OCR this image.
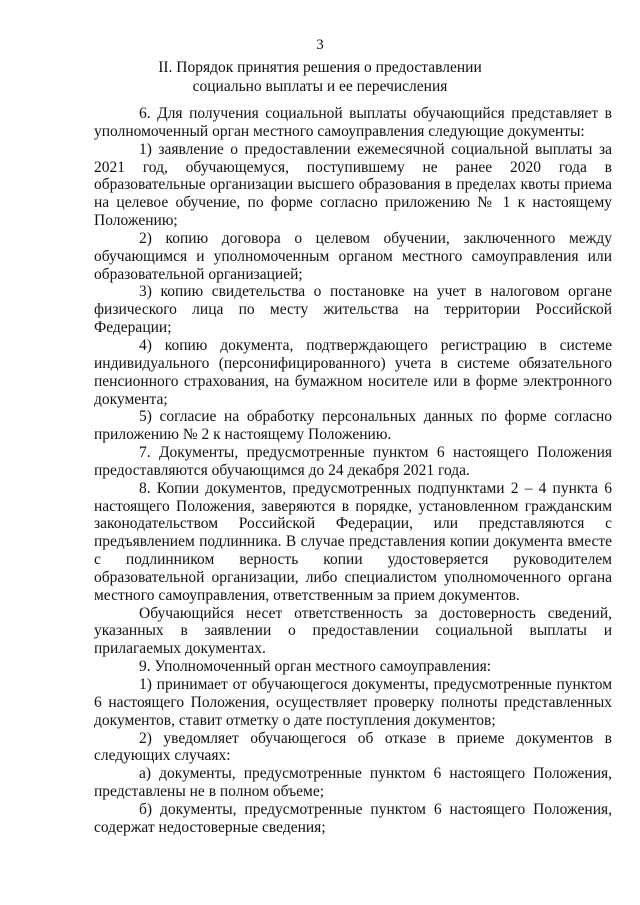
3
II. Порядок принятия решения о предоставлении
социально выплаты и ее перечисления

6. Для получения социальной выплаты обучающийся представляет в уполномоченный орган местного самоуправления следующие документы:

1) заявление о предоставлении ежемесячной социальной выплаты за 2021 год, обучающемуся, поступившему не ранее 2020 года в образовательные организации высшего образования в пределах квоты приема на целевое обучение, по форме согласно приложению № 1 к настоящему Положению;

2) копию договора о целевом обучении, заключенного между обучающимся и уполномоченным органом местного самоуправления или образовательной организацией;

3) копию свидетельства о постановке на учет в налоговом органе физического лица по месту жительства на территории Российской Федерации;

4) копию документа, подтверждающего регистрацию в системе индивидуального (персонифицированного) учета в системе обязательного пенсионного страхования, на бумажном носителе или в форме электронного документа;

5) согласие на обработку персональных данных по форме согласно приложению № 2 к настоящему Положению.

7. Документы, предусмотренные пунктом 6 настоящего Положения предоставляются обучающимся до 24 декабря 2021 года.

8. Копии документов, предусмотренных подпунктами 2 – 4 пункта 6 настоящего Положения, заверяются в порядке, установленном гражданским законодательством Российской Федерации, или представляются с предъявлением подлинника. В случае представления копии документа вместе с подлинником верность копии удостоверяется руководителем образовательной организации, либо специалистом уполномоченного органа местного самоуправления, ответственным за прием документов.

Обучающийся несет ответственность за достоверность сведений, указанных в заявлении о предоставлении социальной выплаты и прилагаемых документах.

9. Уполномоченный орган местного самоуправления:

1) принимает от обучающегося документы, предусмотренные пунктом 6 настоящего Положения, осуществляет проверку полноты представленных документов, ставит отметку о дате поступления документов;

2) уведомляет обучающегося об отказе в приеме документов в следующих случаях:

а) документы, предусмотренные пунктом 6 настоящего Положения, представлены не в полном объеме;

б) документы, предусмотренные пунктом 6 настоящего Положения, содержат недостоверные сведения;
